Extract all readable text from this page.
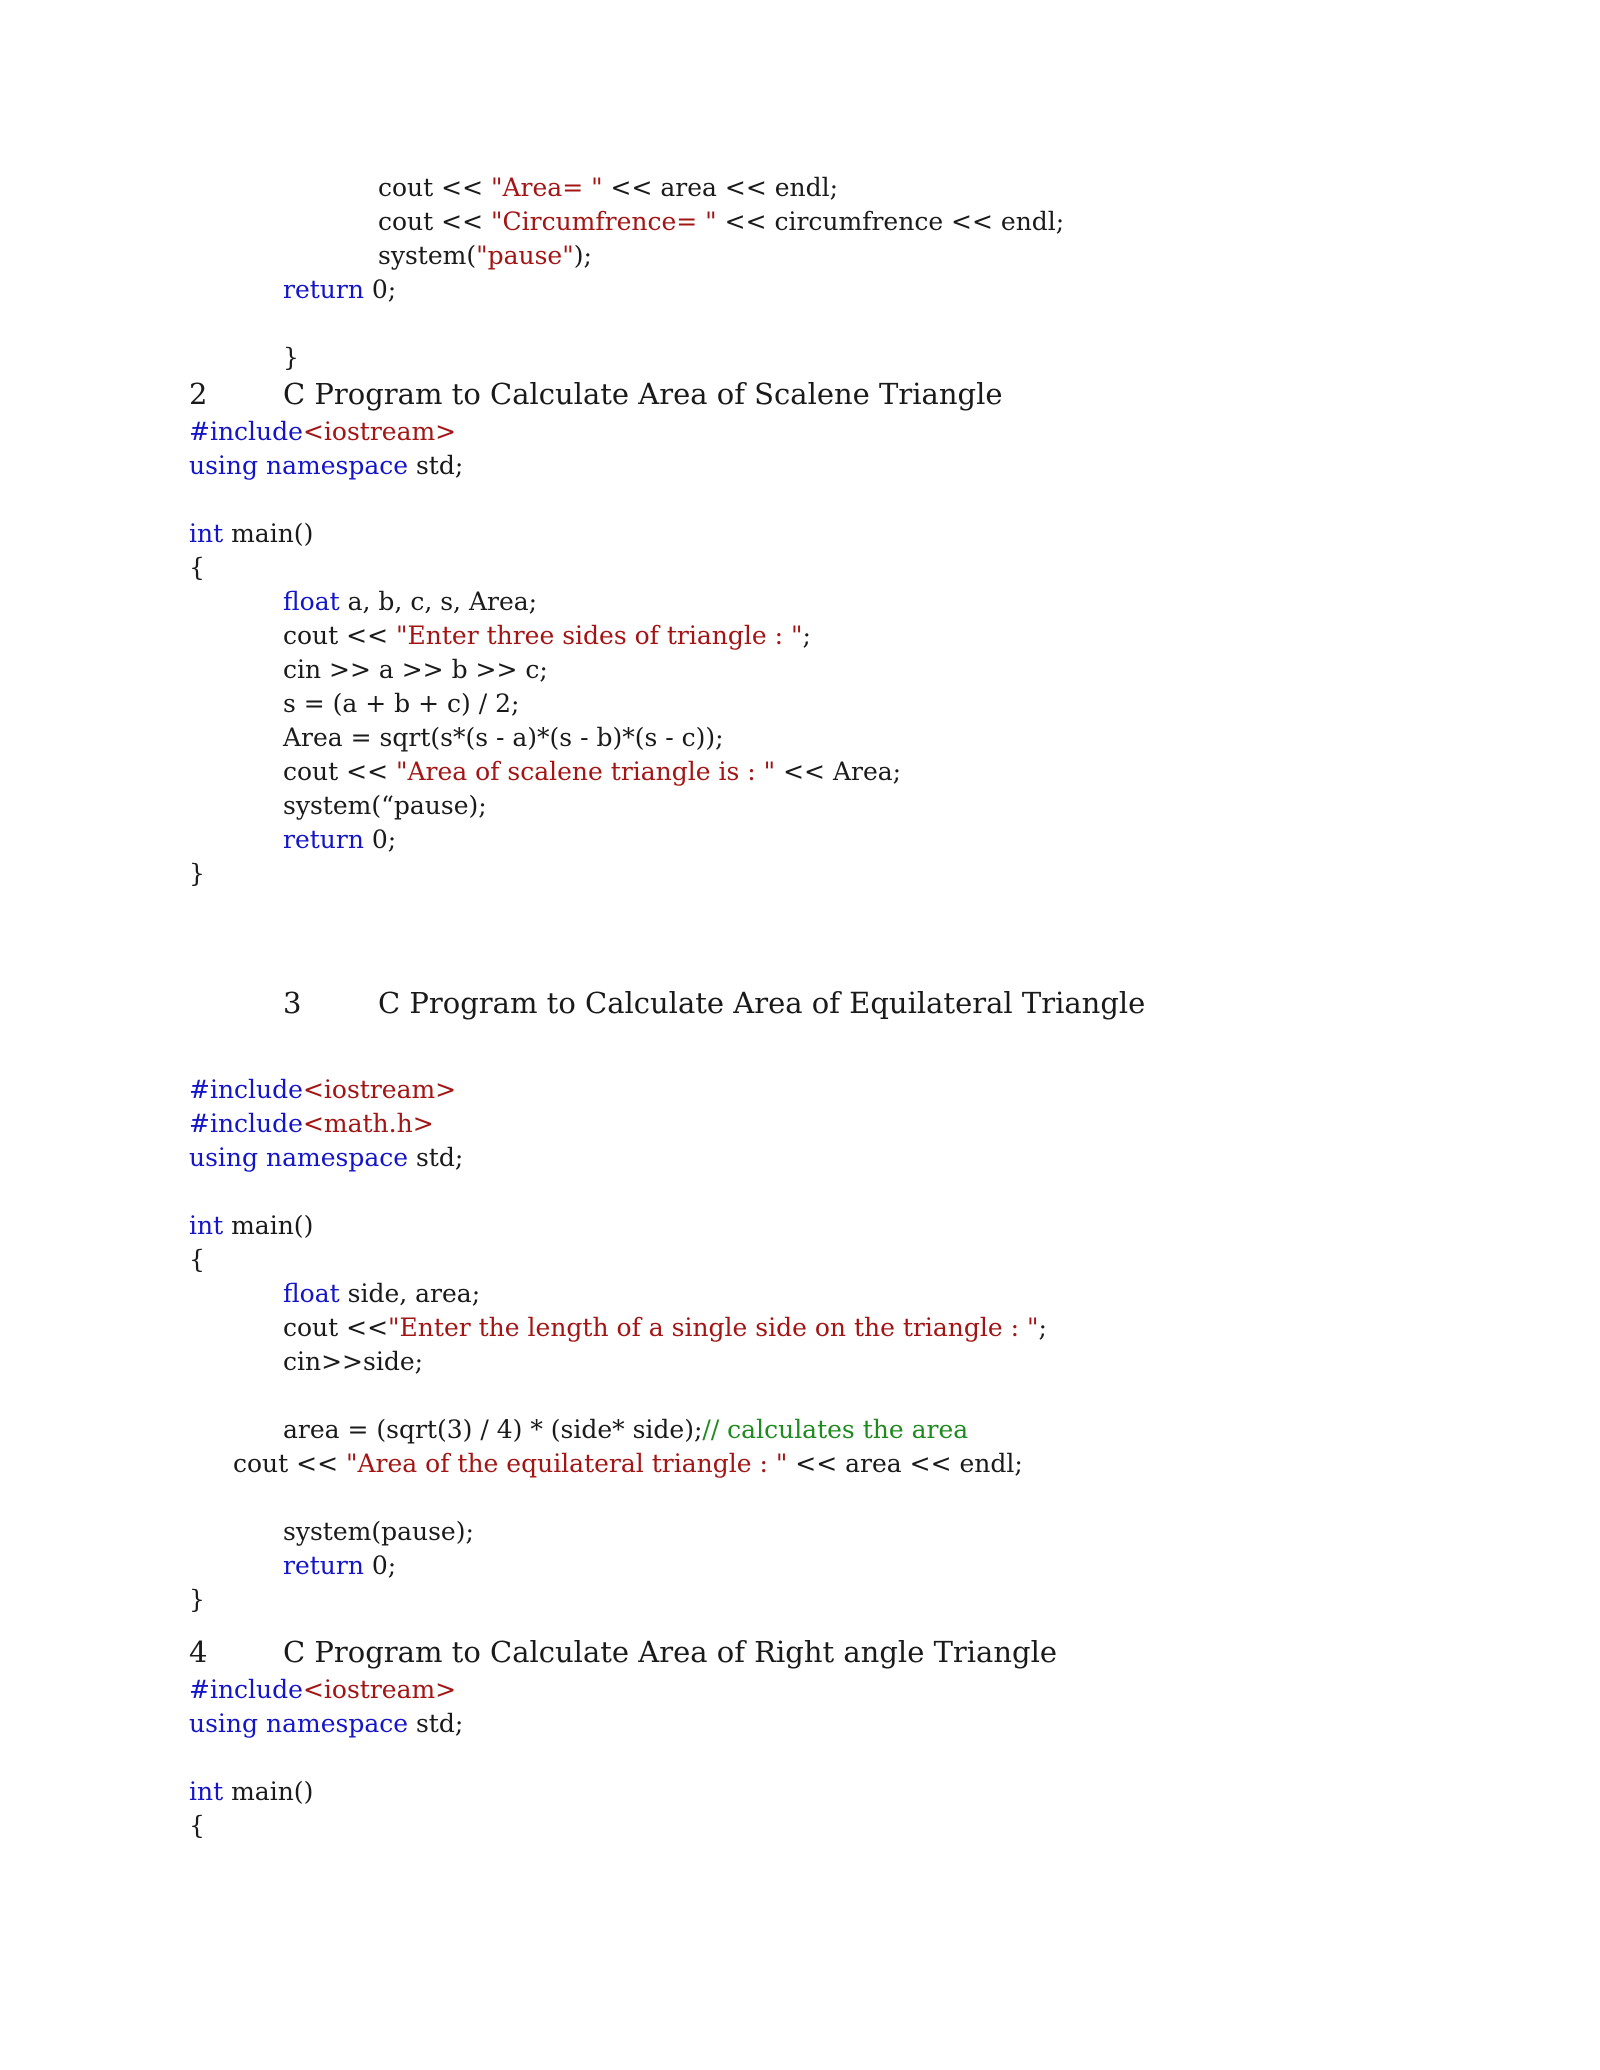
cout << "Area= " << area << endl;
cout << "Circumfrence= " << circumfrence << endl;
system("pause");
return 0;
}
2	C Program to Calculate Area of Scalene Triangle
#include<iostream>
using namespace std;
int main()
{
float a, b, c, s, Area;
cout << "Enter three sides of triangle : ";
cin >> a >> b >> c;
s = (a + b + c) / 2;
Area = sqrt(s*(s - a)*(s - b)*(s - c));
cout << "Area of scalene triangle is : " << Area;
system(“pause);
return 0;
}
3	C Program to Calculate Area of Equilateral Triangle
#include<iostream>
#include<math.h>
using namespace std;
int main()
{
float side, area;
cout <<"Enter the length of a single side on the triangle : ";
cin>>side;
area = (sqrt(3) / 4) * (side* side);// calculates the area
cout << "Area of the equilateral triangle : " << area << endl;
system(pause);
return 0;
}
4	C Program to Calculate Area of Right angle Triangle
#include<iostream>
using namespace std;
int main()
{
